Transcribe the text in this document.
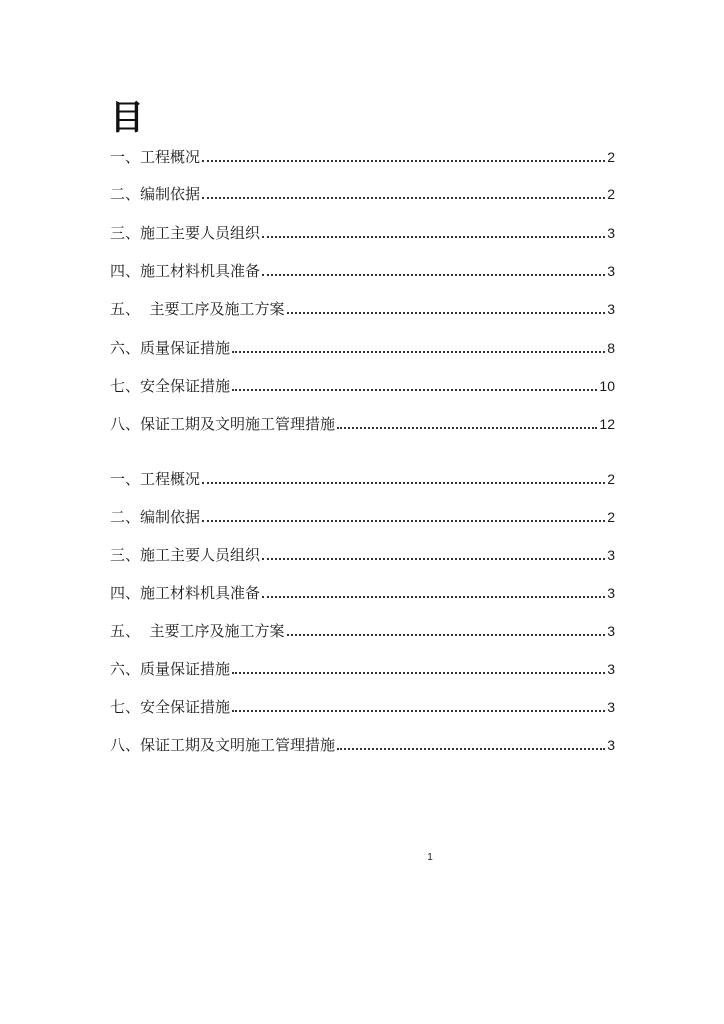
目
一、工程概况	2
二、编制依据	2
三、施工主要人员组织	3
四、施工材料机具准备	3
五、  主要工序及施工方案	3
六、质量保证措施	8
七、安全保证措施	10
八、保证工期及文明施工管理措施	12
一、工程概况	2
二、编制依据	2
三、施工主要人员组织	3
四、施工材料机具准备	3
五、  主要工序及施工方案	3
六、质量保证措施	3
七、安全保证措施	3
八、保证工期及文明施工管理措施	3
1
